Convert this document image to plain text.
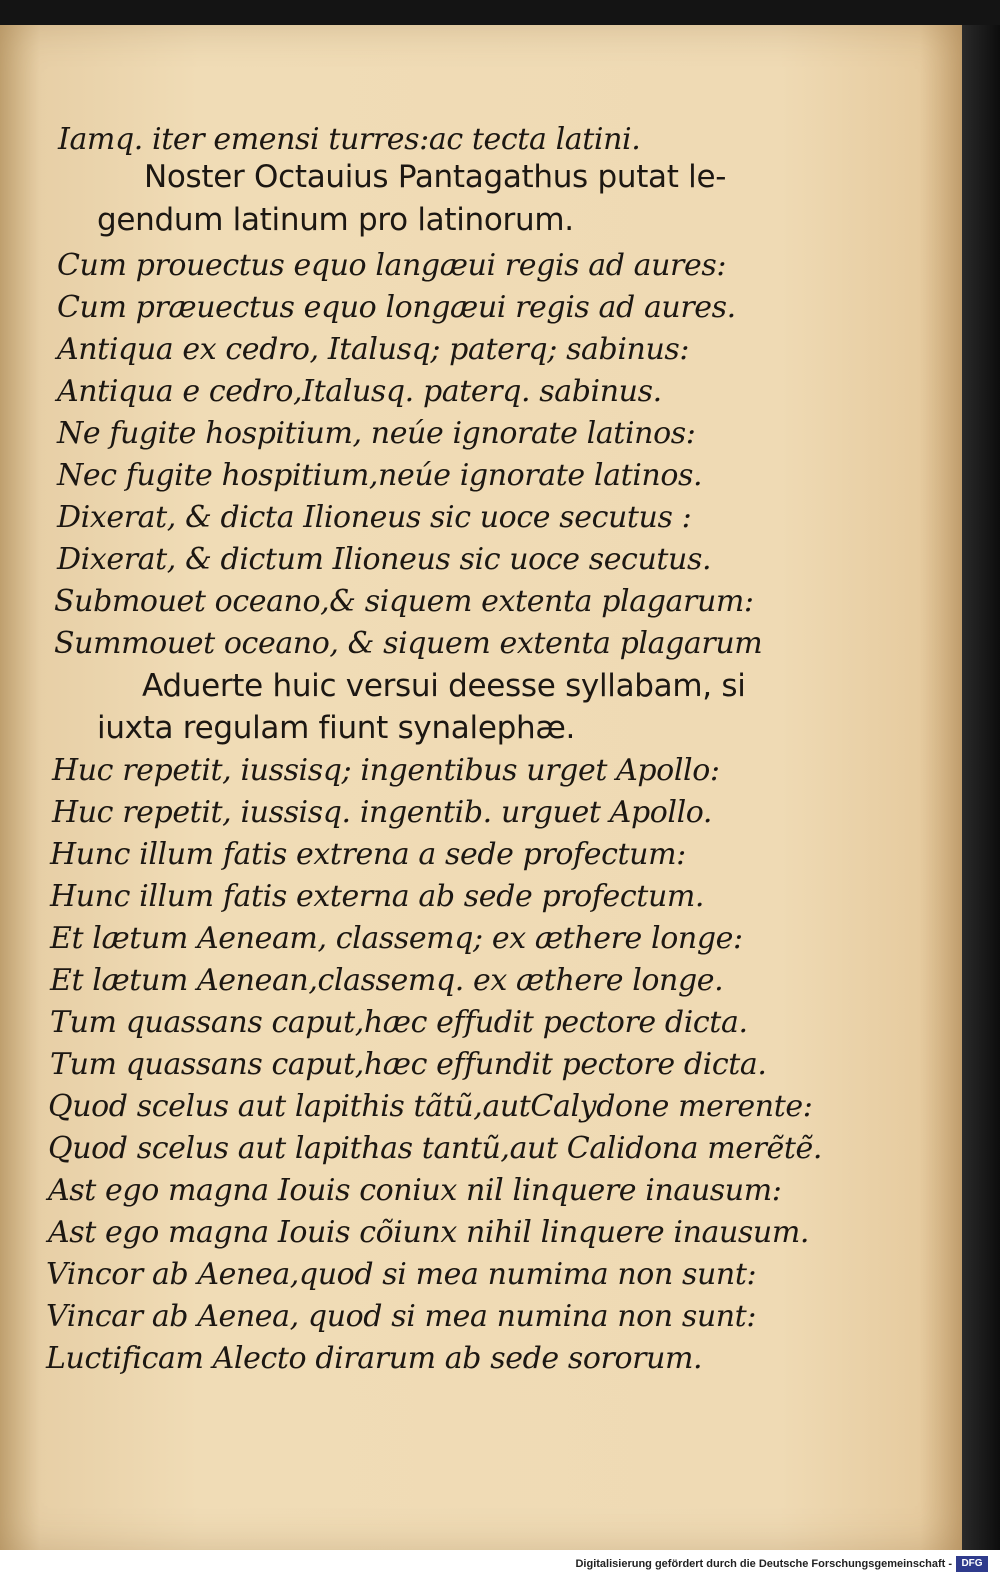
Iamq. iter emensi turres:ac tecta latini.
Noster Octauius Pantagathus putat le-
gendum latinum pro latinorum.
Cum prouectus equo langæui regis ad aures:
Cum præuectus equo longæui regis ad aures.
Antiqua ex cedro, Italusq; paterq; sabinus:
Antiqua e cedro,Italusq. paterq. sabinus.
Ne fugite hospitium, neúe ignorate latinos:
Nec fugite hospitium,neúe ignorate latinos.
Dixerat, & dicta Ilioneus sic uoce secutus :
Dixerat, & dictum Ilioneus sic uoce secutus.
Submouet oceano,& siquem extenta plagarum:
Summouet oceano, & siquem extenta plagarum
Aduerte huic versui deesse syllabam, si
iuxta regulam fiunt synalephæ.
Huc repetit, iussisq; ingentibus urget Apollo:
Huc repetit, iussisq. ingentib. urguet Apollo.
Hunc illum fatis extrena a sede profectum:
Hunc illum fatis externa ab sede profectum.
Et lætum Aeneam, classemq; ex æthere longe:
Et lætum Aenean,classemq. ex æthere longe.
Tum quassans caput,hæc effudit pectore dicta.
Tum quassans caput,hæc effundit pectore dicta.
Quod scelus aut lapithis tãtũ,autCalydone merente:
Quod scelus aut lapithas tantũ,aut Calidona merẽtẽ.
Ast ego magna Iouis coniux nil linquere inausum:
Ast ego magna Iouis cõiunx nihil linquere inausum.
Vincor ab Aenea,quod si mea numima non sunt:
Vincar ab Aenea, quod si mea numina non sunt:
Luctificam Alecto dirarum ab sede sororum.
Digitalisierung gefördert durch die Deutsche Forschungsgemeinschaft - DFG
